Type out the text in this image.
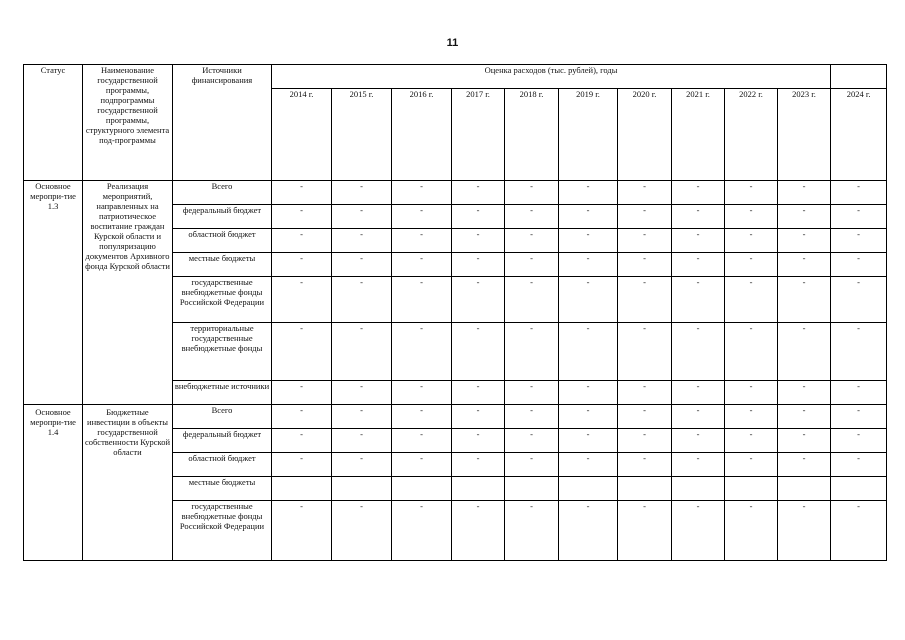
11
Статус	Наименование государственной программы, подпрограммы государственной программы, структурного элемента под-программы	Источники финансирования	Оценка расходов (тыс. рублей), годы										
			2014 г.	2015 г.	2016 г.	2017 г.	2018 г.	2019 г.	2020 г.	2021 г.	2022 г.	2023 г.	2024 г.
Основное меропри-тие 1.3	Реализация мероприятий, направленных на патриотическое воспитание граждан Курской области и популяризацию документов Архивного фонда Курской области	Всего	-	-	-	-	-	-	-	-	-	-	-
		федеральный бюджет	-	-	-	-	-	-	-	-	-	-	-
		областной бюджет	-	-	-	-	-	-	-	-	-	-	-
		местные бюджеты	-	-	-	-	-	-	-	-	-	-	-
		государственные внебюджетные фонды Российской Федерации	-	-	-	-	-	-	-	-	-	-	-
		территориальные государственные внебюджетные фонды	-	-	-	-	-	-	-	-	-	-	-
		внебюджетные источники	-	-	-	-	-	-	-	-	-	-	-
Основное меропри-тие 1.4	Бюджетные инвестиции в объекты государственной собственности Курской области	Всего	-	-	-	-	-	-	-	-	-	-	-
		федеральный бюджет	-	-	-	-	-	-	-	-	-	-	-
		областной бюджет	-	-	-	-	-	-	-	-	-	-	-
		местные бюджеты											
		государственные внебюджетные фонды Российской Федерации	-	-	-	-	-	-	-	-	-	-	-
